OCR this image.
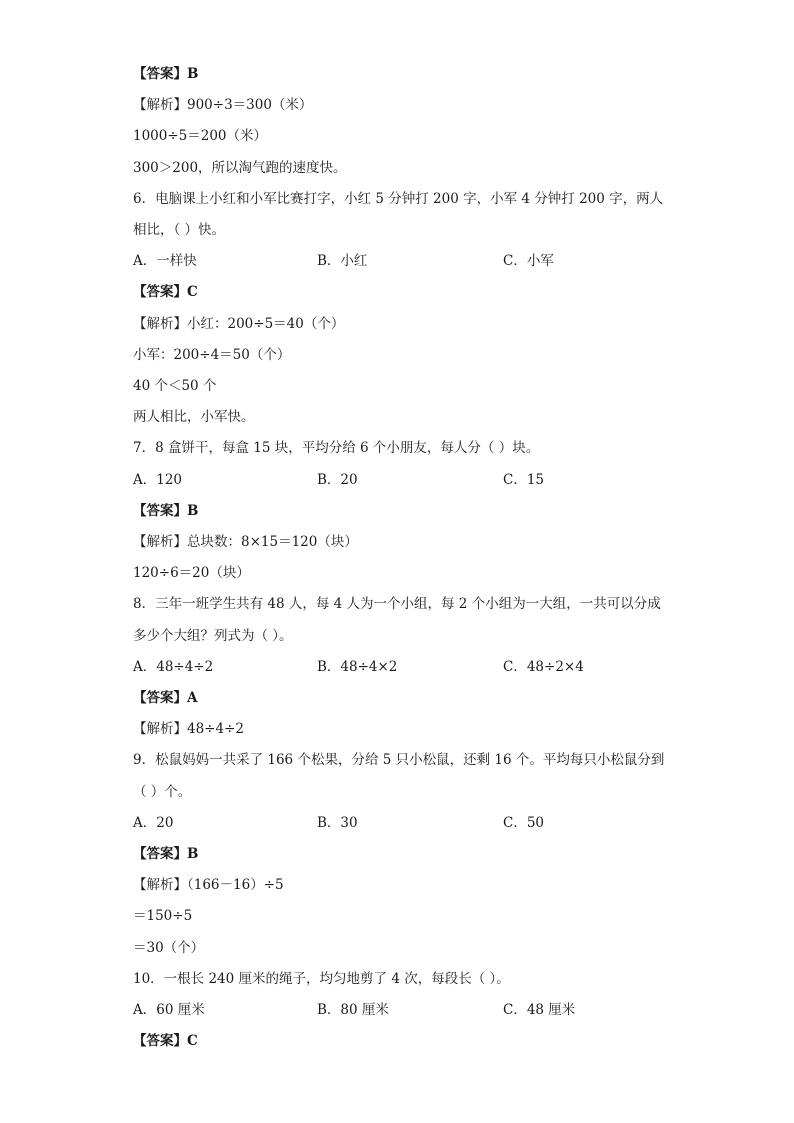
【答案】B
【解析】900÷3＝300（米）
1000÷5＝200（米）
300＞200，所以淘气跑的速度快。
6．电脑课上小红和小军比赛打字，小红 5 分钟打 200 字，小军 4 分钟打 200 字，两人
相比，（ ）快。
A．一样快	B．小红	C．小军
【答案】C
【解析】小红：200÷5＝40（个）
小军：200÷4＝50（个）
40 个＜50 个
两人相比，小军快。
7．8 盒饼干，每盒 15 块，平均分给 6 个小朋友，每人分（ ）块。
A．120	B．20	C．15
【答案】B
【解析】总块数：8×15＝120（块）
120÷6＝20（块）
8．三年一班学生共有 48 人，每 4 人为一个小组，每 2 个小组为一大组，一共可以分成
多少个大组？列式为（ ）。
A．48÷4÷2	B．48÷4×2	C．48÷2×4
【答案】A
【解析】48÷4÷2
9．松鼠妈妈一共采了 166 个松果，分给 5 只小松鼠，还剩 16 个。平均每只小松鼠分到
（ ）个。
A．20	B．30	C．50
【答案】B
【解析】（166－16）÷5
＝150÷5
＝30（个）
10．一根长 240 厘米的绳子，均匀地剪了 4 次，每段长（ ）。
A．60 厘米	B．80 厘米	C．48 厘米
【答案】C
